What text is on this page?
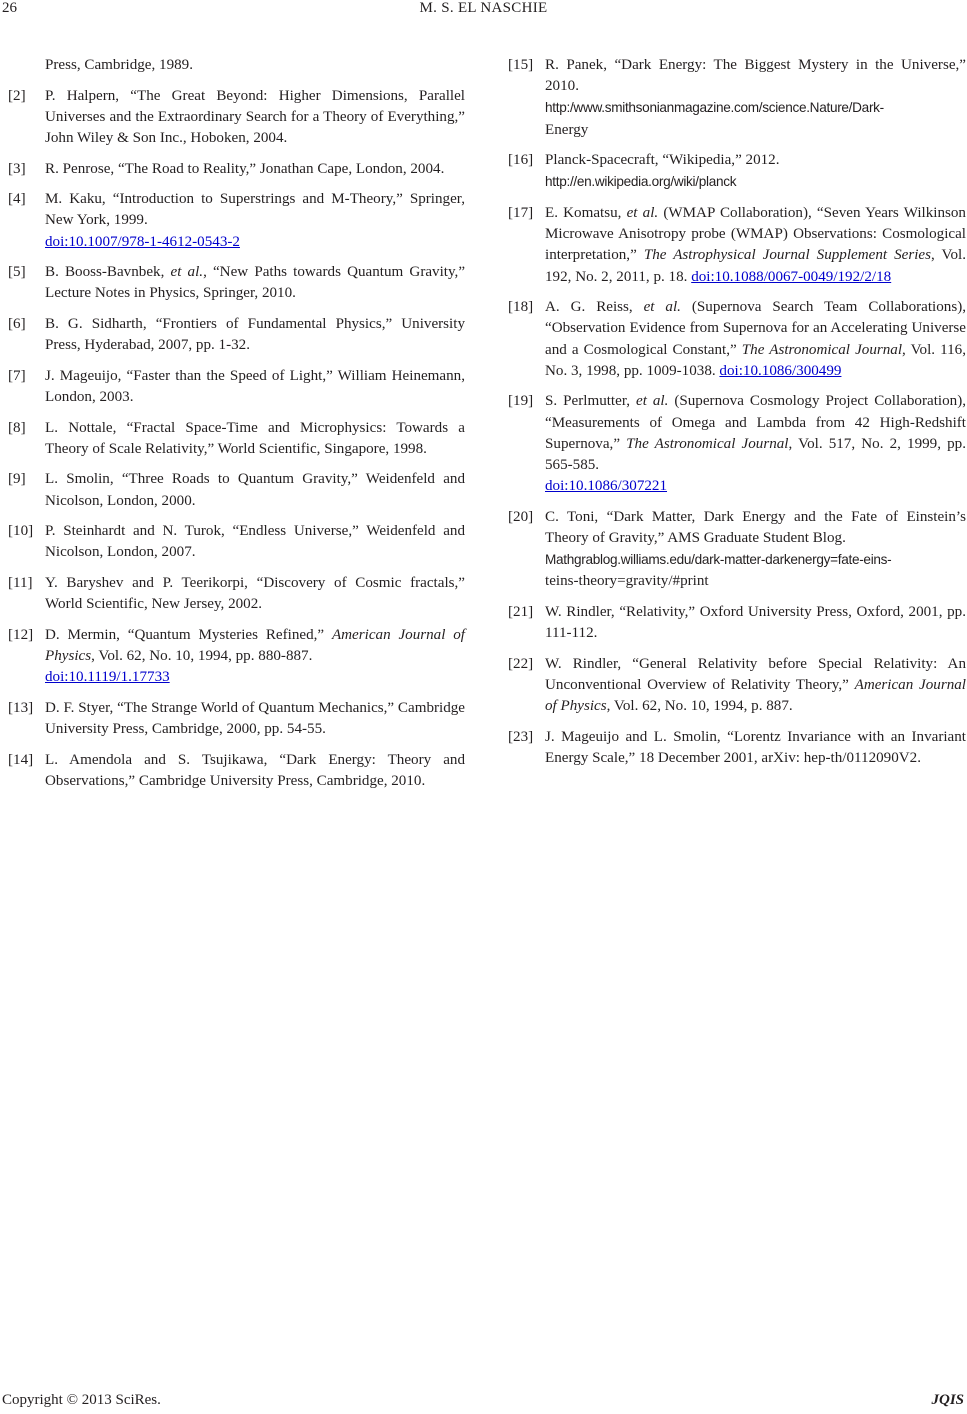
26	M. S. EL NASCHIE
Press, Cambridge, 1989.
[2] P. Halpern, “The Great Beyond: Higher Dimensions, Parallel Universes and the Extraordinary Search for a Theory of Everything,” John Wiley & Son Inc., Hoboken, 2004.
[3] R. Penrose, “The Road to Reality,” Jonathan Cape, London, 2004.
[4] M. Kaku, “Introduction to Superstrings and M-Theory,” Springer, New York, 1999.
doi:10.1007/978-1-4612-0543-2
[5] B. Booss-Bavnbek, et al., “New Paths towards Quantum Gravity,” Lecture Notes in Physics, Springer, 2010.
[6] B. G. Sidharth, “Frontiers of Fundamental Physics,” University Press, Hyderabad, 2007, pp. 1-32.
[7] J. Mageuijo, “Faster than the Speed of Light,” William Heinemann, London, 2003.
[8] L. Nottale, “Fractal Space-Time and Microphysics: Towards a Theory of Scale Relativity,” World Scientific, Singapore, 1998.
[9] L. Smolin, “Three Roads to Quantum Gravity,” Weidenfeld and Nicolson, London, 2000.
[10] P. Steinhardt and N. Turok, “Endless Universe,” Weidenfeld and Nicolson, London, 2007.
[11] Y. Baryshev and P. Teerikorpi, “Discovery of Cosmic fractals,” World Scientific, New Jersey, 2002.
[12] D. Mermin, “Quantum Mysteries Refined,” American Journal of Physics, Vol. 62, No. 10, 1994, pp. 880-887.
doi:10.1119/1.17733
[13] D. F. Styer, “The Strange World of Quantum Mechanics,” Cambridge University Press, Cambridge, 2000, pp. 54-55.
[14] L. Amendola and S. Tsujikawa, “Dark Energy: Theory and Observations,” Cambridge University Press, Cambridge, 2010.
[15] R. Panek, “Dark Energy: The Biggest Mystery in the Universe,” 2010.
http:/www.smithsonianmagazine.com/science.Nature/Dark-
Energy
[16] Planck-Spacecraft, “Wikipedia,” 2012.
http://en.wikipedia.org/wiki/planck
[17] E. Komatsu, et al. (WMAP Collaboration), “Seven Years Wilkinson Microwave Anisotropy probe (WMAP) Observations: Cosmological interpretation,” The Astrophysical Journal Supplement Series, Vol. 192, No. 2, 2011, p. 18. doi:10.1088/0067-0049/192/2/18
[18] A. G. Reiss, et al. (Supernova Search Team Collaborations), “Observation Evidence from Supernova for an Accelerating Universe and a Cosmological Constant,” The Astronomical Journal, Vol. 116, No. 3, 1998, pp. 1009-1038. doi:10.1086/300499
[19] S. Perlmutter, et al. (Supernova Cosmology Project Collaboration), “Measurements of Omega and Lambda from 42 High-Redshift Supernova,” The Astronomical Journal, Vol. 517, No. 2, 1999, pp. 565-585.
doi:10.1086/307221
[20] C. Toni, “Dark Matter, Dark Energy and the Fate of Einstein’s Theory of Gravity,” AMS Graduate Student Blog.
Mathgrablog.williams.edu/dark-matter-darkenergy=fate-eins-
teins-theory=gravity/#print
[21] W. Rindler, “Relativity,” Oxford University Press, Oxford, 2001, pp. 111-112.
[22] W. Rindler, “General Relativity before Special Relativity: An Unconventional Overview of Relativity Theory,” American Journal of Physics, Vol. 62, No. 10, 1994, p. 887.
[23] J. Mageuijo and L. Smolin, “Lorentz Invariance with an Invariant Energy Scale,” 18 December 2001, arXiv: hep-th/0112090V2.
Copyright © 2013 SciRes.	JQIS
